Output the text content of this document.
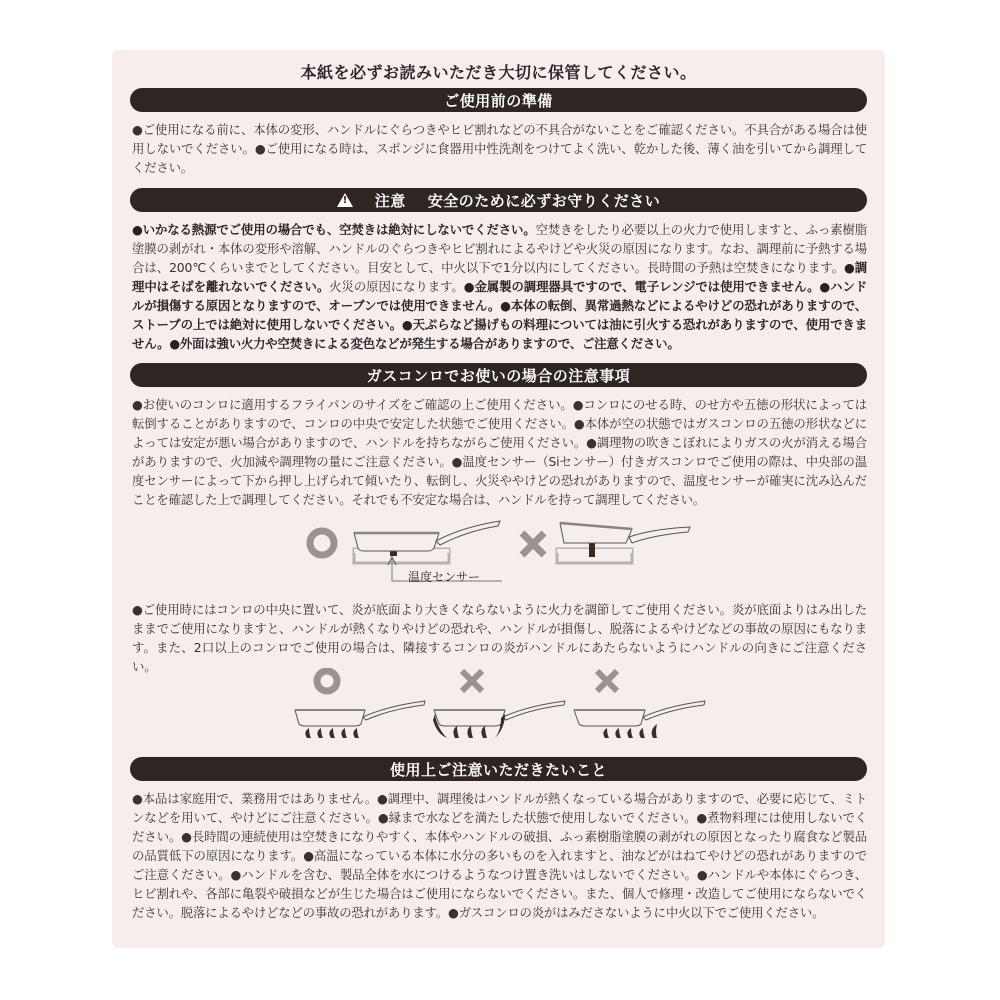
本紙を必ずお読みいただき大切に保管してください。
ご使用前の準備
●ご使用になる前に、本体の変形、ハンドルにぐらつきやヒビ割れなどの不具合がないことをご確認ください。不具合がある場合は使用しないでください。●ご使用になる時は、スポンジに食器用中性洗剤をつけてよく洗い、乾かした後、薄く油を引いてから調理してください。
!
注意 安全のために必ずお守りください
●いかなる熱源でご使用の場合でも、空焚きは絶対にしないでください。空焚きをしたり必要以上の火力で使用しますと、ふっ素樹脂塗膜の剥がれ・本体の変形や溶解、ハンドルのぐらつきやヒビ割れによるやけどや火災の原因になります。なお、調理前に予熱する場合は、200℃くらいまでとしてください。目安として、中火以下で1分以内にしてください。長時間の予熱は空焚きになります。●調理中はそばを離れないでください。火災の原因になります。●金属製の調理器具ですので、電子レンジでは使用できません。●ハンドルが損傷する原因となりますので、オーブンでは使用できません。●本体の転倒、異常過熱などによるやけどの恐れがありますので、ストーブの上では絶対に使用しないでください。●天ぷらなど揚げもの料理については油に引火する恐れがありますので、使用できません。●外面は強い火力や空焚きによる変色などが発生する場合がありますので、ご注意ください。
ガスコンロでお使いの場合の注意事項
●お使いのコンロに適用するフライパンのサイズをご確認の上ご使用ください。●コンロにのせる時、のせ方や五徳の形状によっては転倒することがありますので、コンロの中央で安定した状態でご使用ください。●本体が空の状態ではガスコンロの五徳の形状などによっては安定が悪い場合がありますので、ハンドルを持ちながらご使用ください。●調理物の吹きこぼれによりガスの火が消える場合がありますので、火加減や調理物の量にご注意ください。●温度センサー（Siセンサー）付きガスコンロでご使用の際は、中央部の温度センサーによって下から押し上げられて傾いたり、転倒し、火災ややけどの恐れがありますので、温度センサーが確実に沈み込んだことを確認した上で調理してください。それでも不安定な場合は、ハンドルを持って調理してください。
温度センサー
●ご使用時にはコンロの中央に置いて、炎が底面より大きくならないように火力を調節してご使用ください。炎が底面よりはみ出したままでご使用になりますと、ハンドルが熱くなりやけどの恐れや、ハンドルが損傷し、脱落によるやけどなどの事故の原因にもなります。また、2口以上のコンロでご使用の場合は、隣接するコンロの炎がハンドルにあたらないようにハンドルの向きにご注意ください。
使用上ご注意いただきたいこと
●本品は家庭用で、業務用ではありません。●調理中、調理後はハンドルが熱くなっている場合がありますので、必要に応じて、ミトンなどを用いて、やけどにご注意ください。●縁まで水などを満たした状態で使用しないでください。●煮物料理には使用しないでください。●長時間の連続使用は空焚きになりやすく、本体やハンドルの破損、ふっ素樹脂塗膜の剥がれの原因となったり腐食など製品の品質低下の原因になります。●高温になっている本体に水分の多いものを入れますと、油などがはねてやけどの恐れがありますのでご注意ください。●ハンドルを含む、製品全体を水につけるようなつけ置き洗いはしないでください。●ハンドルや本体にぐらつき、ヒビ割れや、各部に亀裂や破損などが生じた場合はご使用にならないでください。また、個人で修理・改造してご使用にならないでください。脱落によるやけどなどの事故の恐れがあります。●ガスコンロの炎がはみださないように中火以下でご使用ください。
